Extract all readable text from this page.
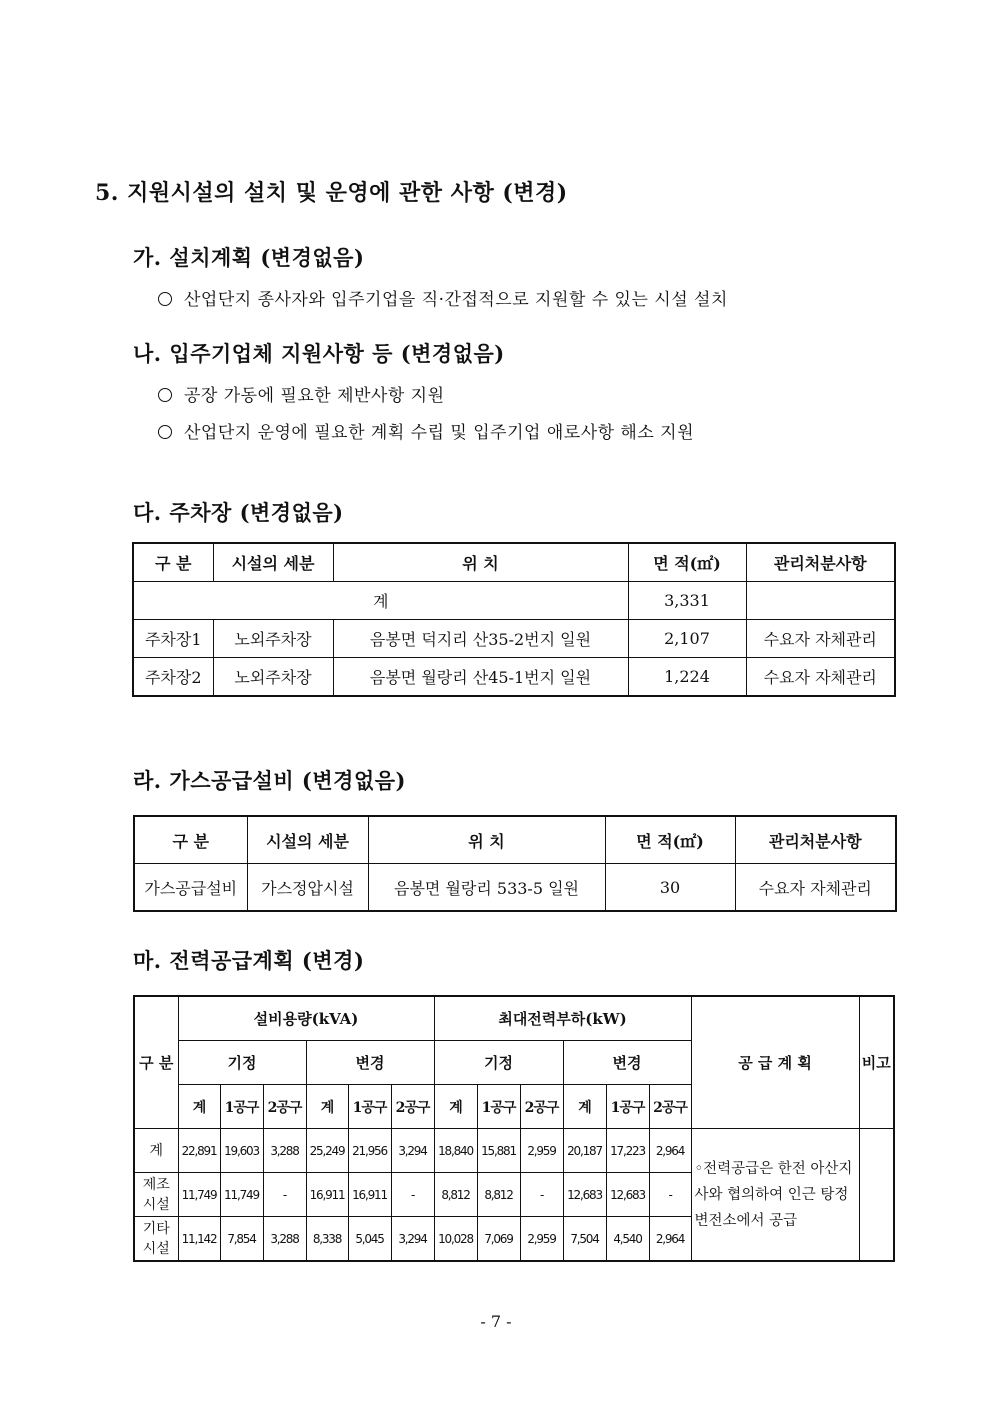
5. 지원시설의 설치 및 운영에 관한 사항 (변경)
가. 설치계획 (변경없음)
산업단지 종사자와 입주기업을 직·간접적으로 지원할 수 있는 시설 설치
나. 입주기업체 지원사항 등 (변경없음)
공장 가동에 필요한 제반사항 지원
산업단지 운영에 필요한 계획 수립 및 입주기업 애로사항 해소 지원
다. 주차장 (변경없음)
구 분	시설의 세분	위 치	면 적(㎡)	관리처분사항
계			3,331	
주차장1	노외주차장	음봉면 덕지리 산35-2번지 일원	2,107	수요자 자체관리
주차장2	노외주차장	음봉면 월랑리 산45-1번지 일원	1,224	수요자 자체관리
라. 가스공급설비 (변경없음)
구 분	시설의 세분	위 치	면 적(㎡)	관리처분사항
가스공급설비	가스정압시설	음봉면 월랑리 533-5 일원	30	수요자 자체관리
마. 전력공급계획 (변경)
구 분	설비용량(kVA)						최대전력부하(kW)						공 급 계 획	비고
	기정			변경			기정			변경				
	계	1공구	2공구	계	1공구	2공구	계	1공구	2공구	계	1공구	2공구		
계	22,891	19,603	3,288	25,249	21,956	3,294	18,840	15,881	2,959	20,187	17,223	2,964	◦전력공급은 한전 아산지사와 협의하여 인근 탕정변전소에서 공급	
제조
시설	11,749	11,749	-	16,911	16,911	-	8,812	8,812	-	12,683	12,683	-		
기타
시설	11,142	7,854	3,288	8,338	5,045	3,294	10,028	7,069	2,959	7,504	4,540	2,964		
- 7 -
